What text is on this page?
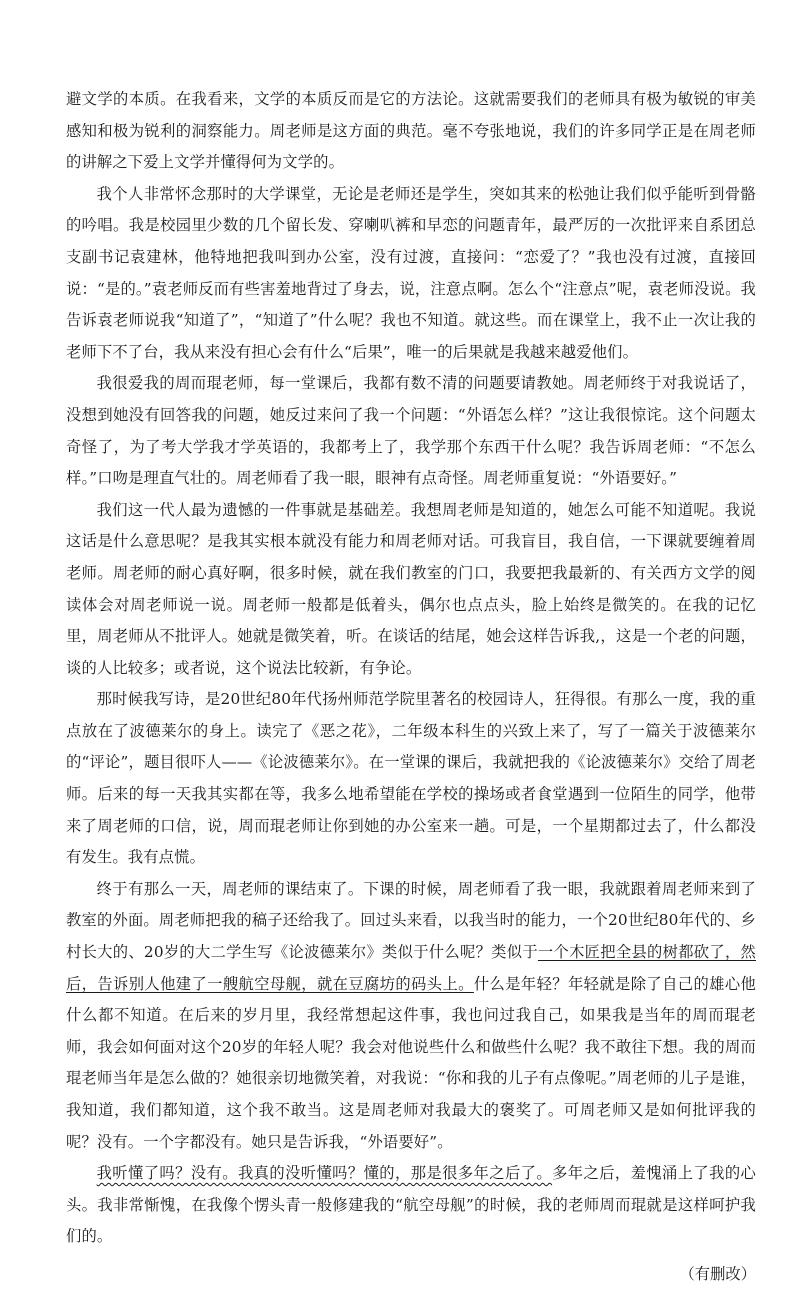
避文学的本质。在我看来，文学的本质反而是它的方法论。这就需要我们的老师具有极为敏锐的审美感知和极为锐利的洞察能力。周老师是这方面的典范。毫不夸张地说，我们的许多同学正是在周老师的讲解之下爱上文学并懂得何为文学的。

我个人非常怀念那时的大学课堂，无论是老师还是学生，突如其来的松弛让我们似乎能听到骨骼的吟唱。我是校园里少数的几个留长发、穿喇叭裤和早恋的问题青年，最严厉的一次批评来自系团总支副书记袁建林，他特地把我叫到办公室，没有过渡，直接问：“恋爱了？”我也没有过渡，直接回说：“是的。”袁老师反而有些害羞地背过了身去，说，注意点啊。怎么个“注意点”呢，袁老师没说。我告诉袁老师说我“知道了”，“知道了”什么呢？我也不知道。就这些。而在课堂上，我不止一次让我的老师下不了台，我从来没有担心会有什么“后果”，唯一的后果就是我越来越爱他们。

我很爱我的周而琨老师，每一堂课后，我都有数不清的问题要请教她。周老师终于对我说话了，没想到她没有回答我的问题，她反过来问了我一个问题：“外语怎么样？”这让我很惊诧。这个问题太奇怪了，为了考大学我才学英语的，我都考上了，我学那个东西干什么呢？我告诉周老师：“不怎么样。”口吻是理直气壮的。周老师看了我一眼，眼神有点奇怪。周老师重复说：“外语要好。”

我们这一代人最为遗憾的一件事就是基础差。我想周老师是知道的，她怎么可能不知道呢。我说这话是什么意思呢？是我其实根本就没有能力和周老师对话。可我盲目，我自信，一下课就要缠着周老师。周老师的耐心真好啊，很多时候，就在我们教室的门口，我要把我最新的、有关西方文学的阅读体会对周老师说一说。周老师一般都是低着头，偶尔也点点头，脸上始终是微笑的。在我的记忆里，周老师从不批评人。她就是微笑着，听。在谈话的结尾，她会这样告诉我,，这是一个老的问题，谈的人比较多；或者说，这个说法比较新，有争论。

那时候我写诗，是20世纪80年代扬州师范学院里著名的校园诗人，狂得很。有那么一度，我的重点放在了波德莱尔的身上。读完了《恶之花》，二年级本科生的兴致上来了，写了一篇关于波德莱尔的“评论”，题目很吓人——《论波德莱尔》。在一堂课的课后，我就把我的《论波德莱尔》交给了周老师。后来的每一天我其实都在等，我多么地希望能在学校的操场或者食堂遇到一位陌生的同学，他带来了周老师的口信，说，周而琨老师让你到她的办公室来一趟。可是，一个星期都过去了，什么都没有发生。我有点慌。

终于有那么一天，周老师的课结束了。下课的时候，周老师看了我一眼，我就跟着周老师来到了教室的外面。周老师把我的稿子还给我了。回过头来看，以我当时的能力，一个20世纪80年代的、乡村长大的、20岁的大二学生写《论波德莱尔》类似于什么呢？类似于一个木匠把全县的树都砍了，然后，告诉别人他建了一艘航空母舰，就在豆腐坊的码头上。什么是年轻？年轻就是除了自己的雄心他什么都不知道。在后来的岁月里，我经常想起这件事，我也问过我自己，如果我是当年的周而琨老师，我会如何面对这个20岁的年轻人呢？我会对他说些什么和做些什么呢？我不敢往下想。我的周而琨老师当年是怎么做的？她很亲切地微笑着，对我说：“你和我的儿子有点像呢。”周老师的儿子是谁，我知道，我们都知道，这个我不敢当。这是周老师对我最大的褒奖了。可周老师又是如何批评我的呢？没有。一个字都没有。她只是告诉我，“外语要好”。

我听懂了吗？没有。我真的没听懂吗？懂的，那是很多年之后了。多年之后，羞愧涌上了我的心头。我非常惭愧，在我像个愣头青一般修建我的“航空母舰”的时候，我的老师周而琨就是这样呵护我们的。

（有删改）
